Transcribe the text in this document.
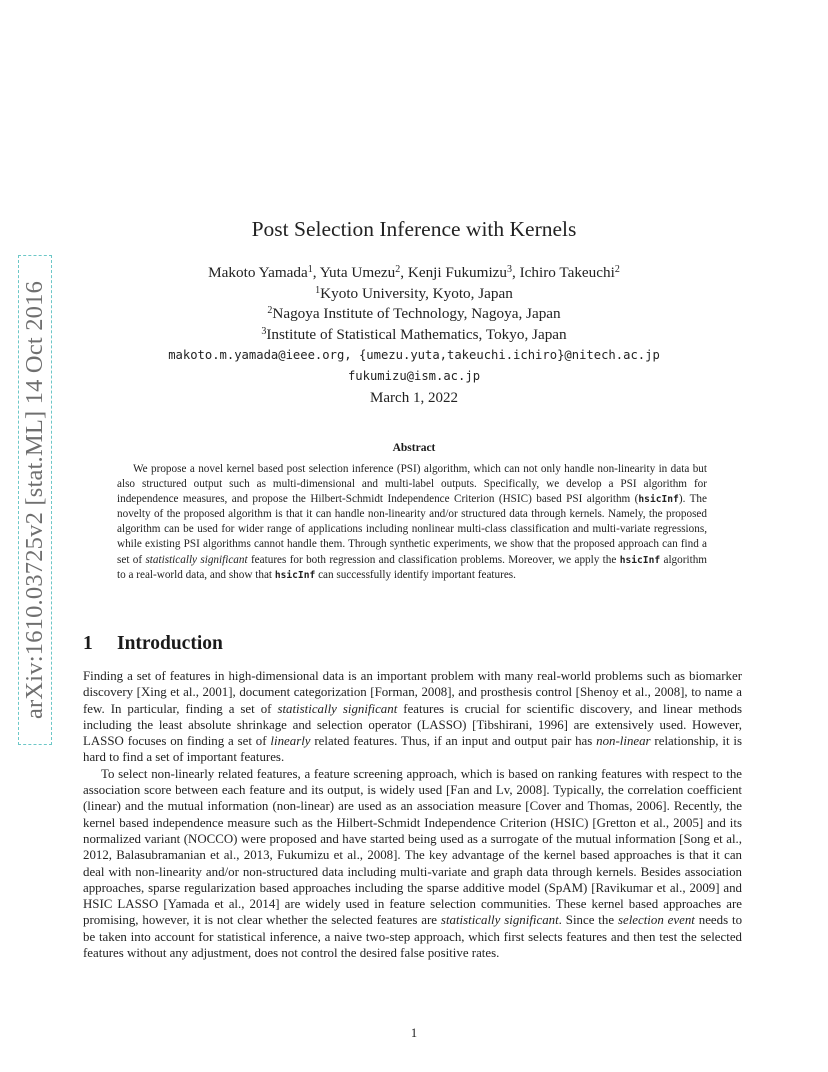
arXiv:1610.03725v2 [stat.ML] 14 Oct 2016
Post Selection Inference with Kernels
Makoto Yamada$^1$, Yuta Umezu$^2$, Kenji Fukumizu$^3$, Ichiro Takeuchi$^2$
$^1$Kyoto University, Kyoto, Japan
$^2$Nagoya Institute of Technology, Nagoya, Japan
$^3$Institute of Statistical Mathematics, Tokyo, Japan
makoto.m.yamada@ieee.org, {umezu.yuta,takeuchi.ichiro}@nitech.ac.jp
fukumizu@ism.ac.jp
March 1, 2022
Abstract
We propose a novel kernel based post selection inference (PSI) algorithm, which can not only handle non-linearity in data but also structured output such as multi-dimensional and multi-label outputs. Specifically, we develop a PSI algorithm for independence measures, and propose the Hilbert-Schmidt Independence Criterion (HSIC) based PSI algorithm (hsicInf). The novelty of the proposed algorithm is that it can handle non-linearity and/or structured data through kernels. Namely, the proposed algorithm can be used for wider range of applications including nonlinear multi-class classification and multi-variate regressions, while existing PSI algorithms cannot handle them. Through synthetic experiments, we show that the proposed approach can find a set of statistically significant features for both regression and classification problems. Moreover, we apply the hsicInf algorithm to a real-world data, and show that hsicInf can successfully identify important features.
1 Introduction

Finding a set of features in high-dimensional data is an important problem with many real-world problems such as biomarker discovery [Xing et al., 2001], document categorization [Forman, 2008], and prosthesis control [Shenoy et al., 2008], to name a few. In particular, finding a set of statistically significant features is crucial for scientific discovery, and linear methods including the least absolute shrinkage and selection operator (LASSO) [Tibshirani, 1996] are extensively used. However, LASSO focuses on finding a set of linearly related features. Thus, if an input and output pair has non-linear relationship, it is hard to find a set of important features.

To select non-linearly related features, a feature screening approach, which is based on ranking features with respect to the association score between each feature and its output, is widely used [Fan and Lv, 2008]. Typically, the correlation coefficient (linear) and the mutual information (non-linear) are used as an association measure [Cover and Thomas, 2006]. Recently, the kernel based independence measure such as the Hilbert-Schmidt Independence Criterion (HSIC) [Gretton et al., 2005] and its normalized variant (NOCCO) were proposed and have started being used as a surrogate of the mutual information [Song et al., 2012, Balasubramanian et al., 2013, Fukumizu et al., 2008]. The key advantage of the kernel based approaches is that it can deal with non-linearity and/or non-structured data including multi-variate and graph data through kernels. Besides association approaches, sparse regularization based approaches including the sparse additive model (SpAM) [Ravikumar et al., 2009] and HSIC LASSO [Yamada et al., 2014] are widely used in feature selection communities. These kernel based approaches are promising, however, it is not clear whether the selected features are statistically significant. Since the selection event needs to be taken into account for statistical inference, a naive two-step approach, which first selects features and then test the selected features without any adjustment, does not control the desired false positive rates.

1
